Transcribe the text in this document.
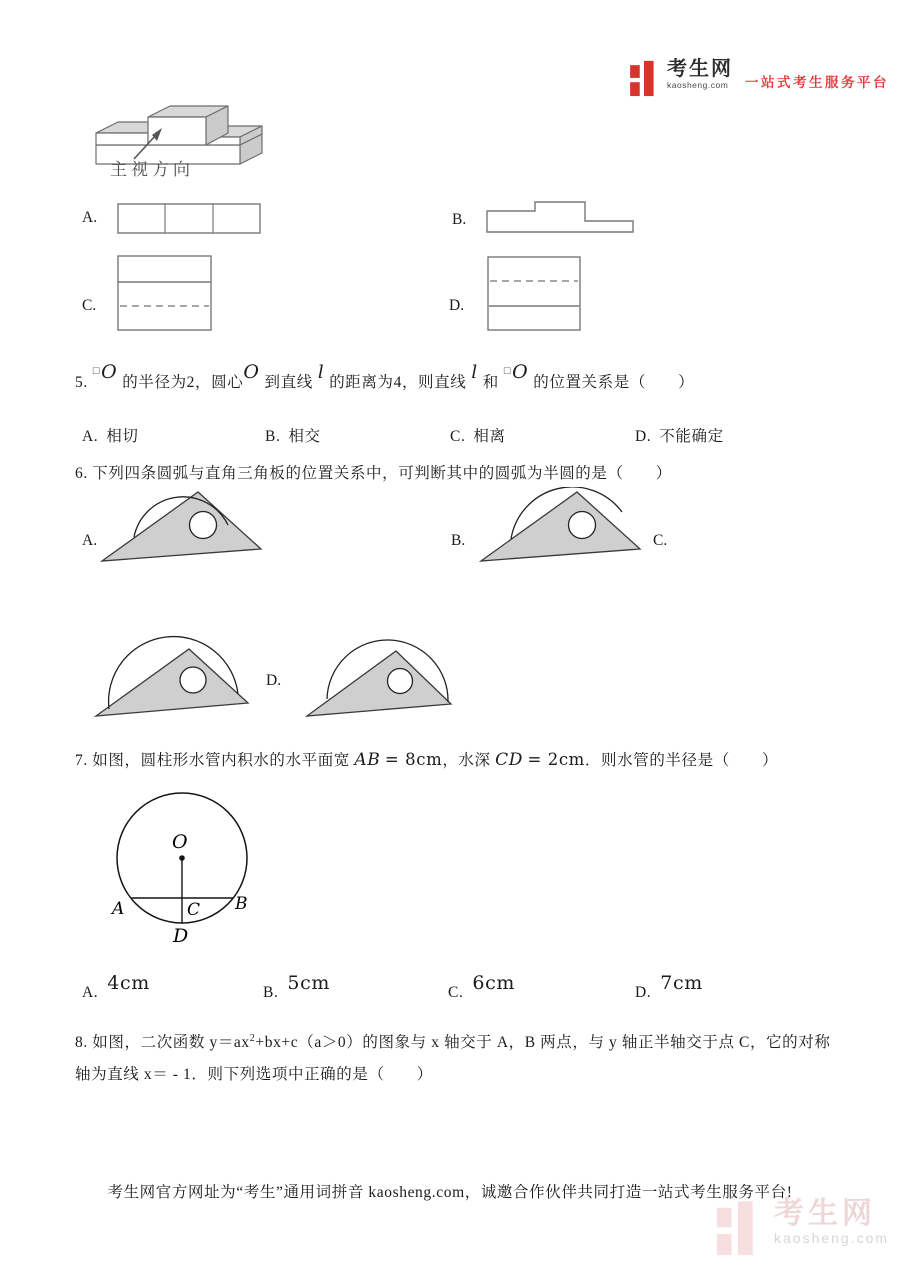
考生网
kaosheng.com	一站式考生服务平台
主视方向
A.	B.
C.	D.
5.□O 的半径为2，圆心O 到直线 l 的距离为4，则直线 l 和□O 的位置关系是（　　）
A. 相切	B. 相交	C. 相离	D. 不能确定
6. 下列四条圆弧与直角三角板的位置关系中，可判断其中的圆弧为半圆的是（　　）
A.	B.	C.
D.
7. 如图，圆柱形水管内积水的水平面宽 AB = 8cm，水深 CD = 2cm．则水管的半径是（　　）
O
A	B
C
D
A. 4cm	B. 5cm	C. 6cm	D. 7cm
8. 如图，二次函数 $y=ax^2+bx+c(a>0)$的图象与 x 轴交于 A，B 两点，与 y 轴正半轴交于点 C，它的对称
轴为直线 x＝ - 1．则下列选项中正确的是（　　）
考生网官方网址为“考生”通用词拼音 kaosheng.com，诚邀合作伙伴共同打造一站式考生服务平台!
考生网
kaosheng.com
